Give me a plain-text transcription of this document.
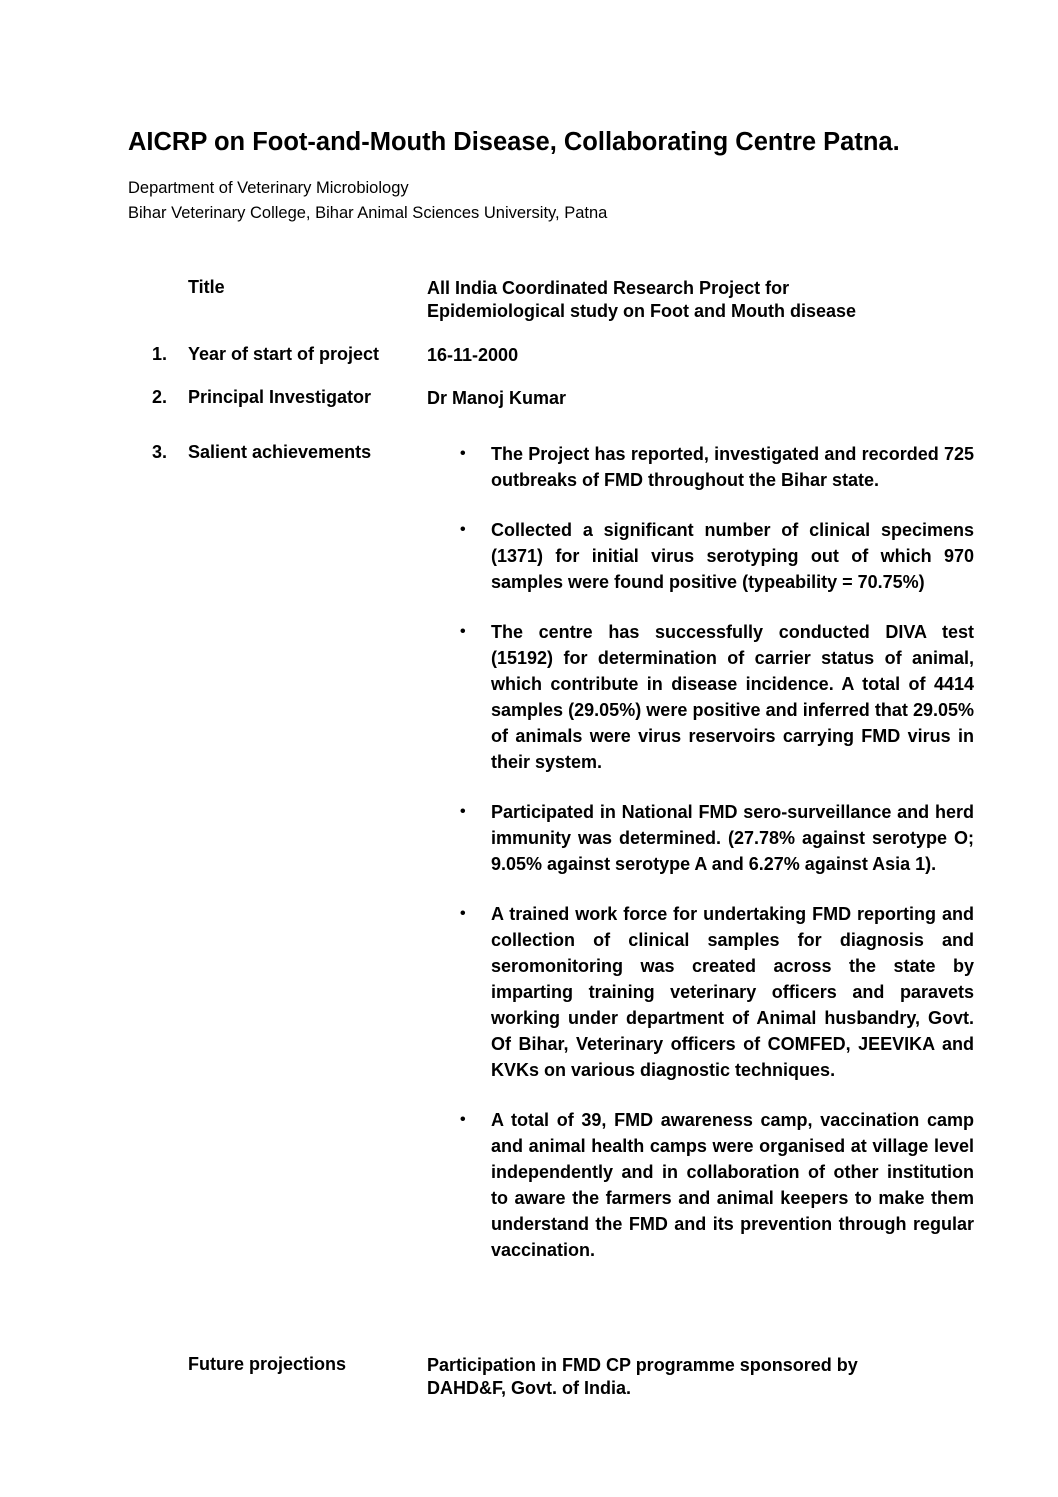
AICRP on Foot-and-Mouth Disease, Collaborating Centre Patna.
Department of Veterinary Microbiology
Bihar Veterinary College, Bihar Animal Sciences University, Patna
Title	All India Coordinated Research Project for
Epidemiological study on Foot and Mouth disease
1. Year of start of project	16-11-2000
2. Principal Investigator	Dr Manoj Kumar
3. Salient achievements	• The Project has reported, investigated and recorded 725 outbreaks of FMD throughout the Bihar state.
• Collected a significant number of clinical specimens (1371) for initial virus serotyping out of which 970 samples were found positive (typeability = 70.75%)
• The centre has successfully conducted DIVA test (15192) for determination of carrier status of animal, which contribute in disease incidence. A total of 4414 samples (29.05%) were positive and inferred that 29.05% of animals were virus reservoirs carrying FMD virus in their system.
• Participated in National FMD sero-surveillance and herd immunity was determined. (27.78% against serotype O; 9.05% against serotype A and 6.27% against Asia 1).
• A trained work force for undertaking FMD reporting and collection of clinical samples for diagnosis and seromonitoring was created across the state by imparting training veterinary officers and paravets working under department of Animal husbandry, Govt. Of Bihar, Veterinary officers of COMFED, JEEVIKA and KVKs on various diagnostic techniques.
• A total of 39, FMD awareness camp, vaccination camp and animal health camps were organised at village level independently and in collaboration of other institution to aware the farmers and animal keepers to make them understand the FMD and its prevention through regular vaccination.
Future projections	Participation in FMD CP programme sponsored by
DAHD&F, Govt. of India.
